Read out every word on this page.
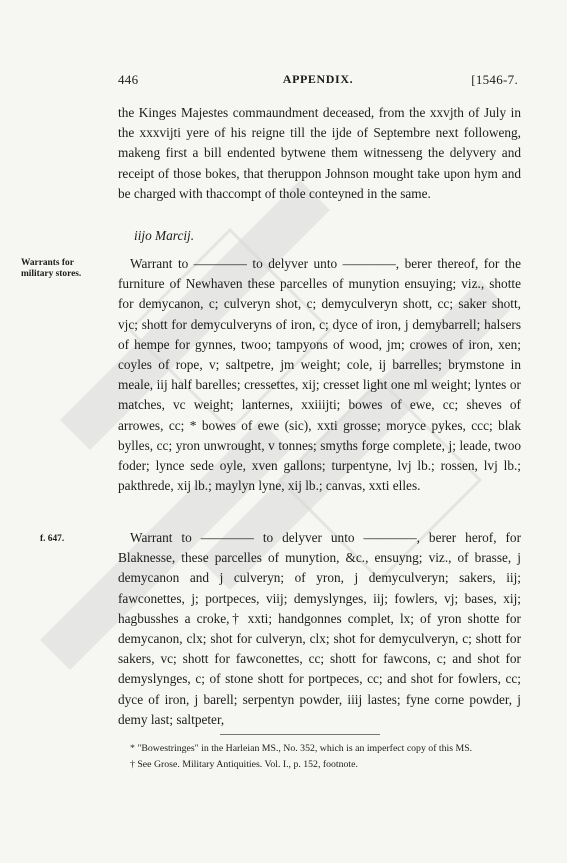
446	APPENDIX.	[1546-7.

the Kinges Majestes commaundment deceased, from the xxvjth of July in the xxxvijti yere of his reigne till the ijde of Septembre next followeng, makeng first a bill endented bytwene them witnesseng the delyvery and receipt of those bokes, that theruppon Johnson mought take upon hym and be charged with thaccompt of thole conteyned in the same.

iijo Marcij.
Warrants for military stores.

Warrant to ———— to delyver unto ————, berer thereof, for the furniture of Newhaven these parcelles of munytion ensuying; viz., shotte for demycanon, c; culveryn shot, c; demyculveryn shott, cc; saker shott, vjc; shott for demyculveryns of iron, c; dyce of iron, j demybarrell; halsers of hempe for gynnes, twoo; tampyons of wood, jm; crowes of iron, xen; coyles of rope, v; saltpetre, jm weight; cole, ij barrelles; brymstone in meale, iij half barelles; cressettes, xij; cresset light one ml weight; lyntes or matches, vc weight; lanternes, xxiiijti; bowes of ewe, cc; sheves of arrowes, cc; * bowes of ewe (sic), xxti grosse; moryce pykes, ccc; blak bylles, cc; yron unwrought, v tonnes; smyths forge complete, j; leade, twoo foder; lynce sede oyle, xven gallons; turpentyne, lvj lb.; rossen, lvj lb.; pakthrede, xij lb.; maylyn lyne, xij lb.; canvas, xxti elles.

f. 647.	Warrant to ———— to delyver unto ————, berer herof, for Blaknesse, these parcelles of munytion, &c., ensuyng; viz., of brasse, j demycanon and j culveryn; of yron, j demyculveryn; sakers, iij; fawconettes, j; portpeces, viij; demyslynges, iij; fowlers, vj; bases, xij; hagbusshes a croke,† xxti; handgonnes complet, lx; of yron shotte for demycanon, clx; shot for culveryn, clx; shot for demyculveryn, c; shott for sakers, vc; shott for fawconettes, cc; shott for fawcons, c; and shot for demyslynges, c; of stone shott for portpeces, cc; and shot for fowlers, cc; dyce of iron, j barell; serpentyn powder, iiij lastes; fyne corne powder, j demy last; saltpeter,

* "Bowestringes" in the Harleian MS., No. 352, which is an imperfect copy of this MS.

† See Grose. Military Antiquities. Vol. I., p. 152, footnote.
